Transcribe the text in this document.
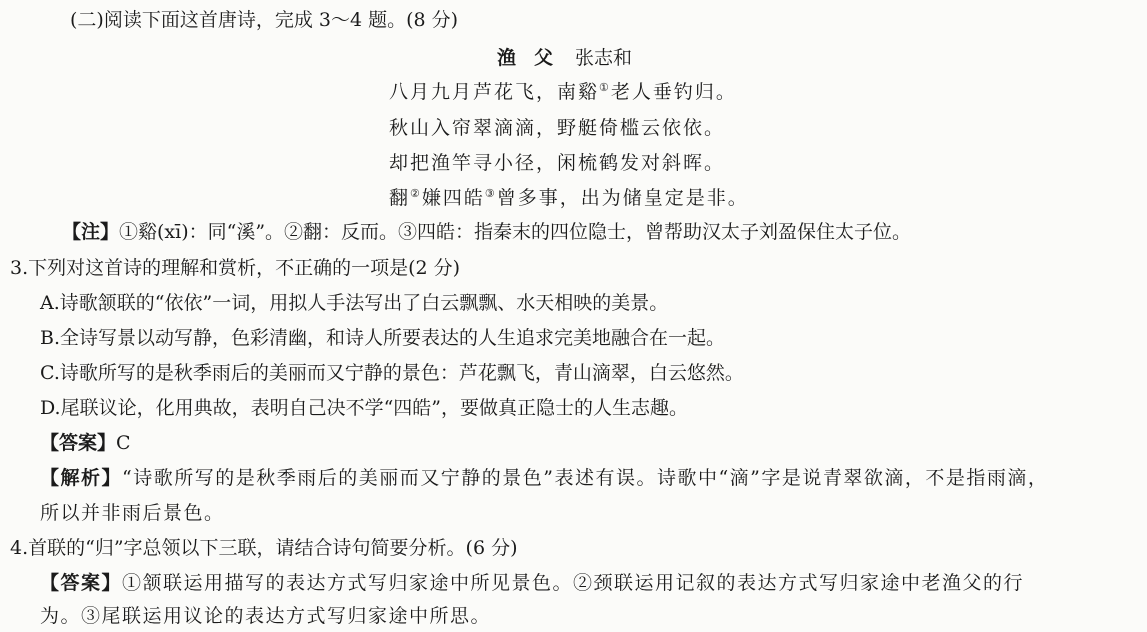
(二)阅读下面这首唐诗，完成 3～4 题。(8 分)
渔父 张志和
八月九月芦花飞，南谿①老人垂钓归。
秋山入帘翠滴滴，野艇倚槛云依依。
却把渔竿寻小径，闲梳鹤发对斜晖。
翻②嫌四皓③曾多事，出为储皇定是非。
【注】①谿(xī)：同“溪”。②翻：反而。③四皓：指秦末的四位隐士，曾帮助汉太子刘盈保住太子位。
3.下列对这首诗的理解和赏析，不正确的一项是(2 分)
A.诗歌颔联的“依依”一词，用拟人手法写出了白云飘飘、水天相映的美景。
B.全诗写景以动写静，色彩清幽，和诗人所要表达的人生追求完美地融合在一起。
C.诗歌所写的是秋季雨后的美丽而又宁静的景色：芦花飘飞，青山滴翠，白云悠然。
D.尾联议论，化用典故，表明自己决不学“四皓”，要做真正隐士的人生志趣。
【答案】C
【解析】“诗歌所写的是秋季雨后的美丽而又宁静的景色”表述有误。诗歌中“滴”字是说青翠欲滴，不是指雨滴，
所以并非雨后景色。
4.首联的“归”字总领以下三联，请结合诗句简要分析。(6 分)
【答案】①颔联运用描写的表达方式写归家途中所见景色。②颈联运用记叙的表达方式写归家途中老渔父的行
为。③尾联运用议论的表达方式写归家途中所思。
